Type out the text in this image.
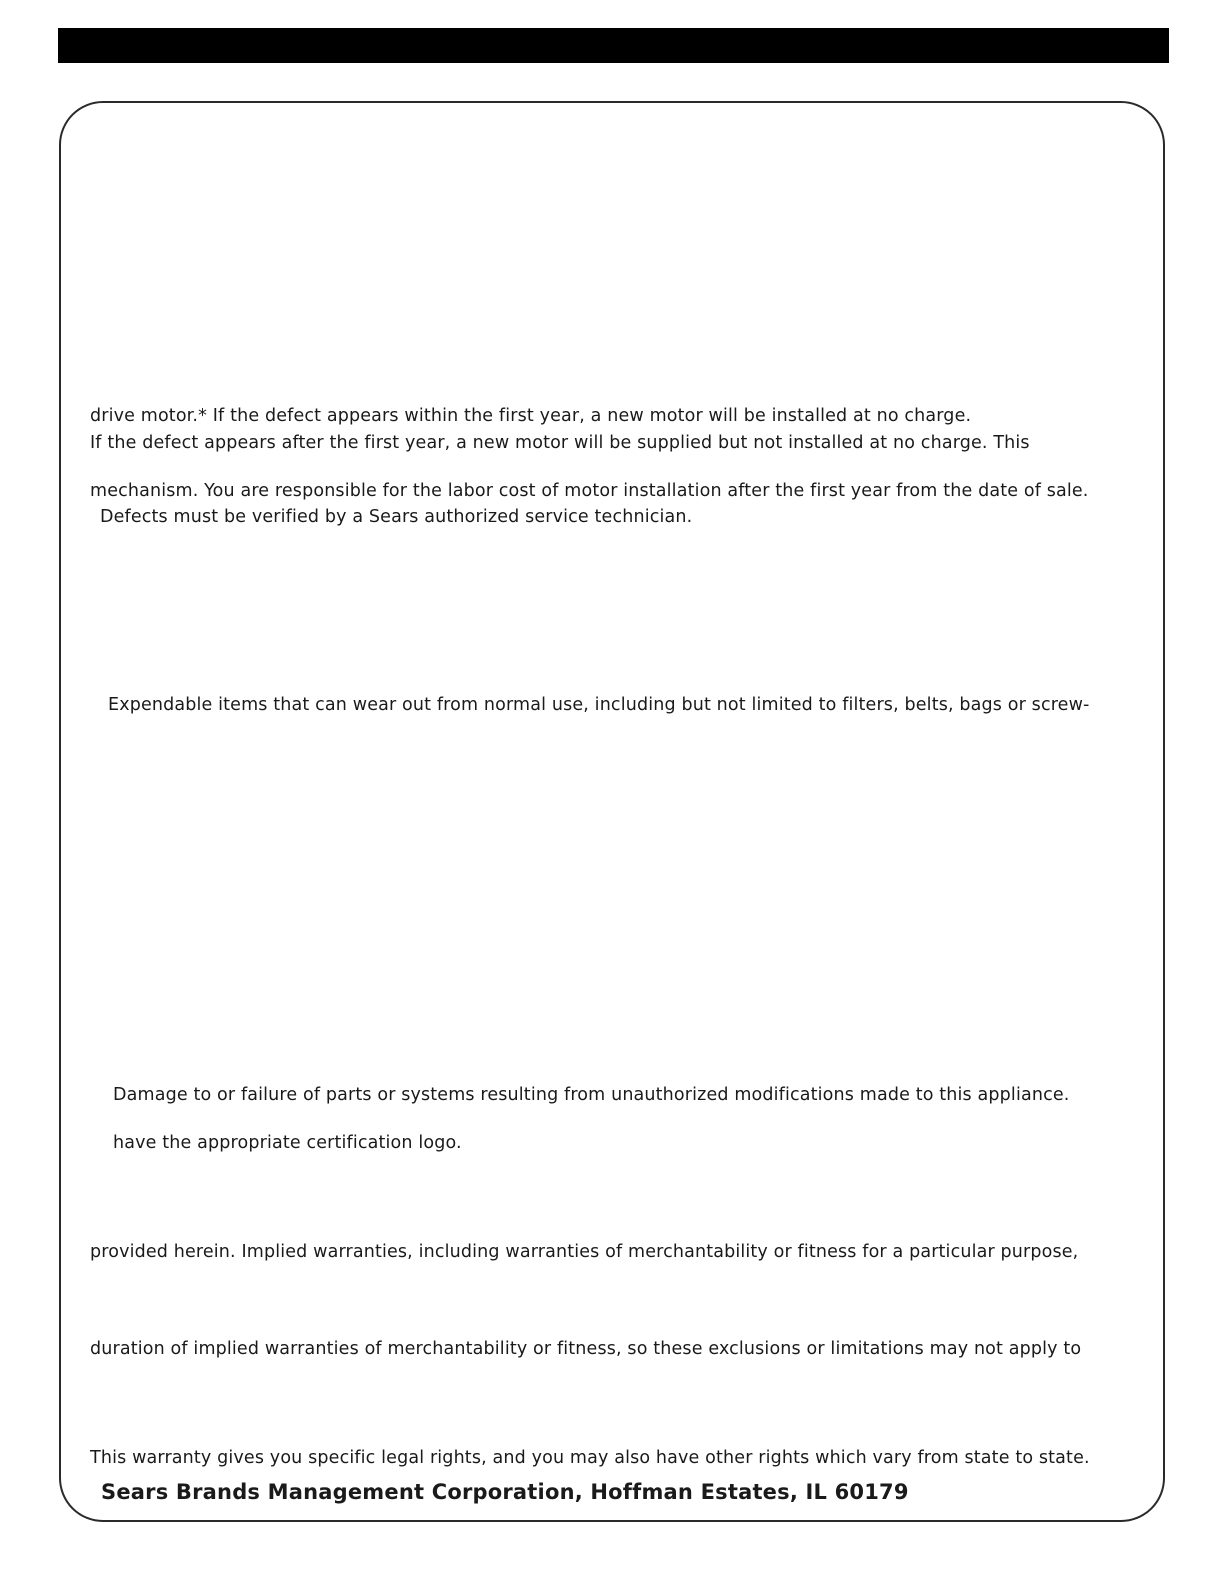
drive motor.* If the defect appears within the first year, a new motor will be installed at no charge.
If the defect appears after the first year, a new motor will be supplied but not installed at no charge. This
mechanism. You are responsible for the labor cost of motor installation after the first year from the date of sale.
Defects must be verified by a Sears authorized service technician.
Expendable items that can wear out from normal use, including but not limited to filters, belts, bags or screw-
Damage to or failure of parts or systems resulting from unauthorized modifications made to this appliance.
have the appropriate certification logo.
provided herein. Implied warranties, including warranties of merchantability or fitness for a particular purpose,
duration of implied warranties of merchantability or fitness, so these exclusions or limitations may not apply to
This warranty gives you specific legal rights, and you may also have other rights which vary from state to state.
Sears Brands Management Corporation, Hoffman Estates, IL 60179
